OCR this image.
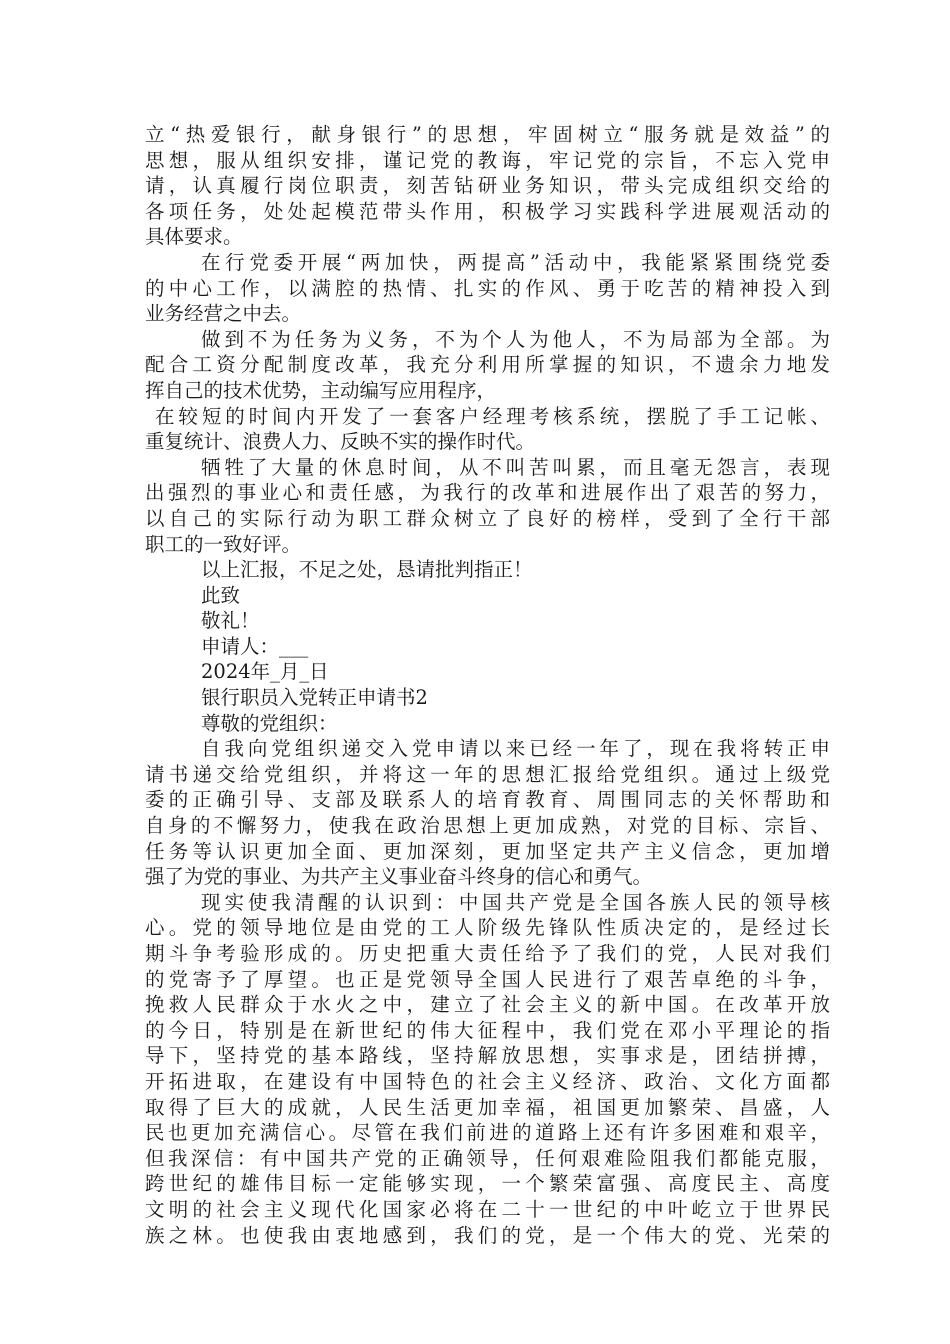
立“热爱银行，献身银行”的思想，牢固树立“服务就是效益”的
思想，服从组织安排，谨记党的教诲，牢记党的宗旨，不忘入党申
请，认真履行岗位职责，刻苦钻研业务知识，带头完成组织交给的
各项任务，处处起模范带头作用，积极学习实践科学进展观活动的
具体要求。
在行党委开展“两加快，两提高”活动中，我能紧紧围绕党委
的中心工作，以满腔的热情、扎实的作风、勇于吃苦的精神投入到
业务经营之中去。
做到不为任务为义务，不为个人为他人，不为局部为全部。为
配合工资分配制度改革，我充分利用所掌握的知识，不遗余力地发
挥自己的技术优势，主动编写应用程序，
在较短的时间内开发了一套客户经理考核系统，摆脱了手工记帐、
重复统计、浪费人力、反映不实的操作时代。
牺牲了大量的休息时间，从不叫苦叫累，而且毫无怨言，表现
出强烈的事业心和责任感，为我行的改革和进展作出了艰苦的努力，
以自己的实际行动为职工群众树立了良好的榜样，受到了全行干部
职工的一致好评。
以上汇报，不足之处，恳请批判指正！
此致
敬礼！
申请人：___
2024年_月_日
银行职员入党转正申请书2
尊敬的党组织：
自我向党组织递交入党申请以来已经一年了，现在我将转正申
请书递交给党组织，并将这一年的思想汇报给党组织。通过上级党
委的正确引导、支部及联系人的培育教育、周围同志的关怀帮助和
自身的不懈努力，使我在政治思想上更加成熟，对党的目标、宗旨、
任务等认识更加全面、更加深刻，更加坚定共产主义信念，更加增
强了为党的事业、为共产主义事业奋斗终身的信心和勇气。
现实使我清醒的认识到：中国共产党是全国各族人民的领导核
心。党的领导地位是由党的工人阶级先锋队性质决定的，是经过长
期斗争考验形成的。历史把重大责任给予了我们的党，人民对我们
的党寄予了厚望。也正是党领导全国人民进行了艰苦卓绝的斗争，
挽救人民群众于水火之中，建立了社会主义的新中国。在改革开放
的今日，特别是在新世纪的伟大征程中，我们党在邓小平理论的指
导下，坚持党的基本路线，坚持解放思想，实事求是，团结拼搏，
开拓进取，在建设有中国特色的社会主义经济、政治、文化方面都
取得了巨大的成就，人民生活更加幸福，祖国更加繁荣、昌盛，人
民也更加充满信心。尽管在我们前进的道路上还有许多困难和艰辛，
但我深信：有中国共产党的正确领导，任何艰难险阻我们都能克服，
跨世纪的雄伟目标一定能够实现，一个繁荣富强、高度民主、高度
文明的社会主义现代化国家必将在二十一世纪的中叶屹立于世界民
族之林。也使我由衷地感到，我们的党，是一个伟大的党、光荣的
